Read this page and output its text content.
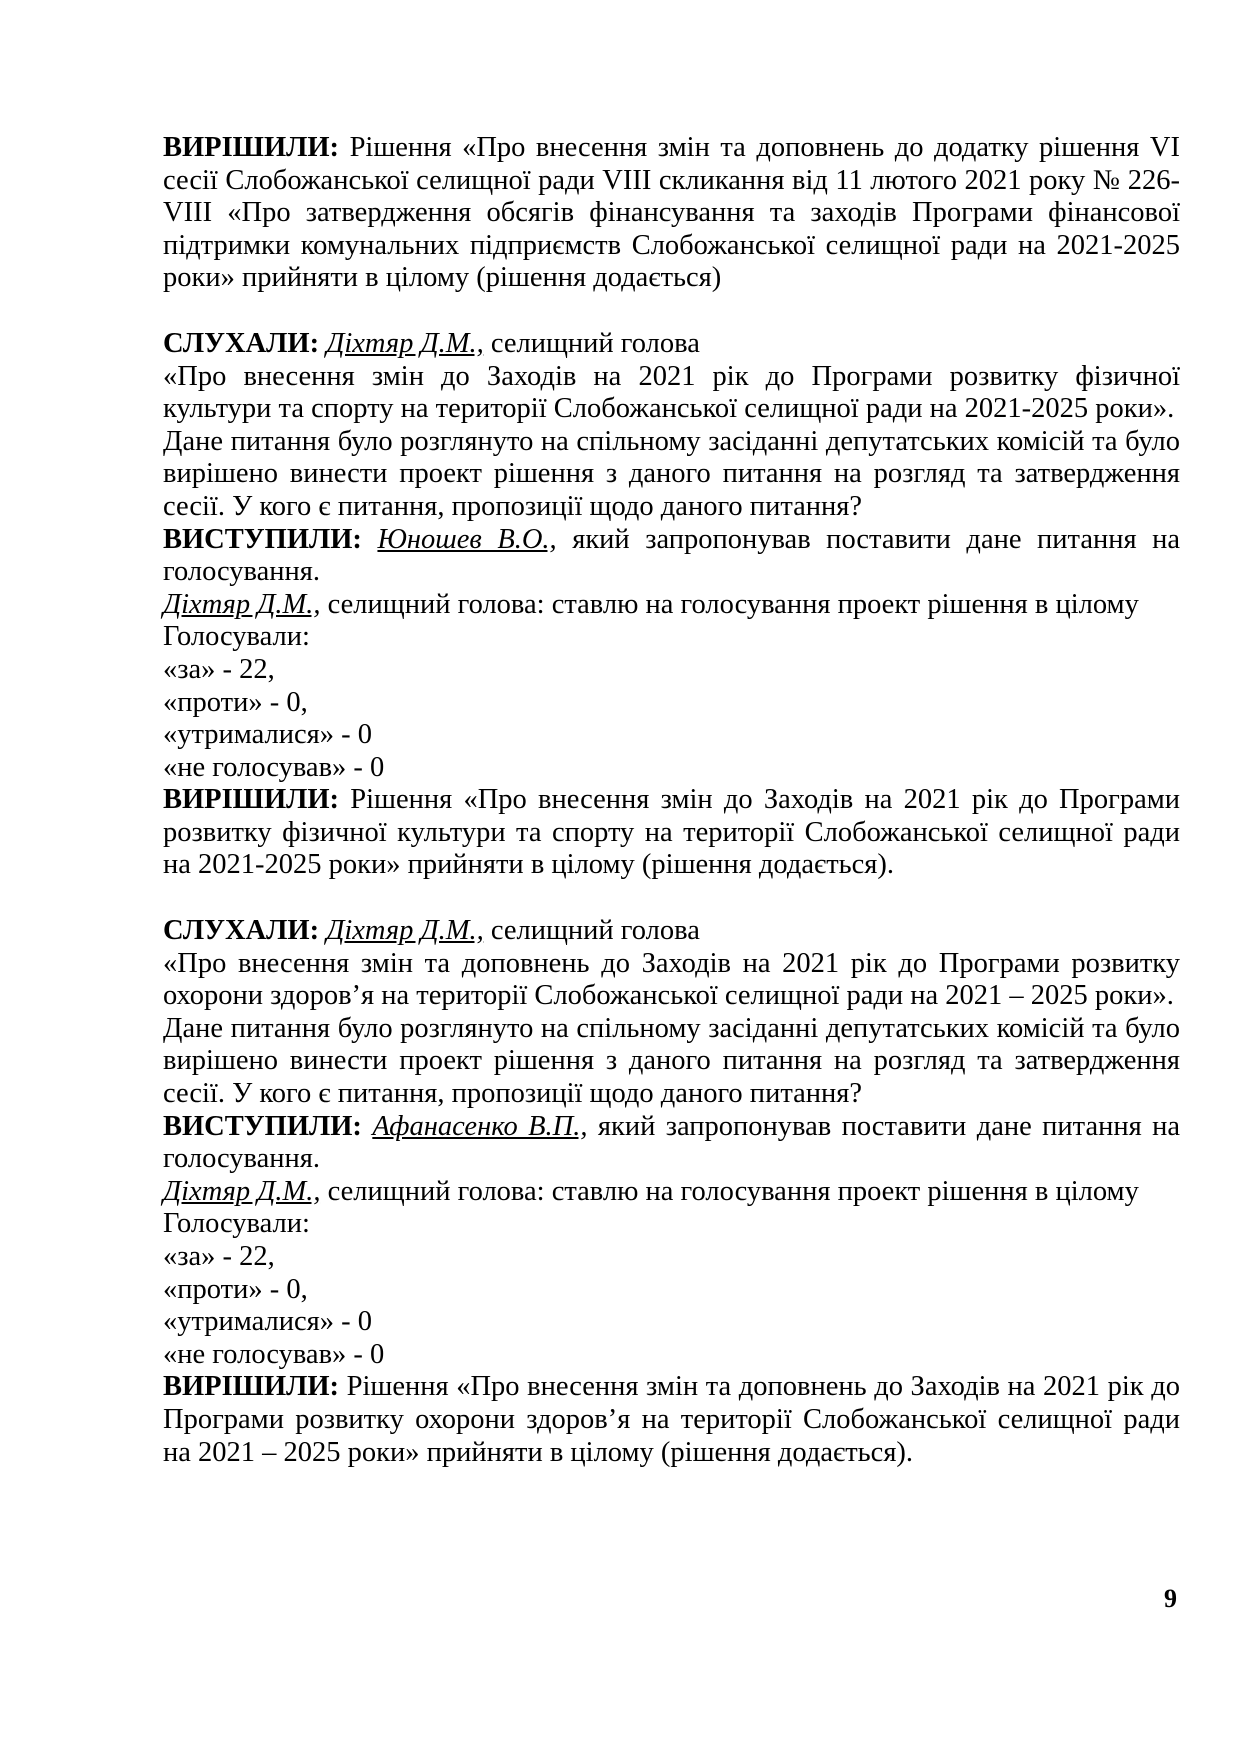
ВИРІШИЛИ: Рішення «Про внесення змін та доповнень до додатку рішення VI сесії Слобожанської селищної ради VIII скликання від 11 лютого 2021 року № 226-VIII «Про затвердження обсягів фінансування та заходів Програми фінансової підтримки комунальних підприємств Слобожанської селищної ради на 2021-2025 роки» прийняти в цілому (рішення додається)

СЛУХАЛИ: Діхтяр Д.М., селищний голова

«Про внесення змін до Заходів на 2021 рік до Програми розвитку фізичної культури та спорту на території Слобожанської селищної ради на 2021-2025 роки».

Дане питання було розглянуто на спільному засіданні депутатських комісій та було вирішено винести проект рішення з даного питання на розгляд та затвердження сесії. У кого є питання, пропозиції щодо даного питання?

ВИСТУПИЛИ: Юношев В.О., який запропонував поставити дане питання на голосування.

Діхтяр Д.М., селищний голова: ставлю на голосування проект рішення в цілому

Голосували:

«за» - 22,

«проти» - 0,

«утрималися» - 0

«не голосував» - 0

ВИРІШИЛИ: Рішення «Про внесення змін до Заходів на 2021 рік до Програми розвитку фізичної культури та спорту на території Слобожанської селищної ради на 2021-2025 роки» прийняти в цілому (рішення додається).

СЛУХАЛИ: Діхтяр Д.М., селищний голова

«Про внесення змін та доповнень до Заходів на 2021 рік до Програми розвитку охорони здоров’я на території Слобожанської селищної ради на 2021 – 2025 роки».

Дане питання було розглянуто на спільному засіданні депутатських комісій та було вирішено винести проект рішення з даного питання на розгляд та затвердження сесії. У кого є питання, пропозиції щодо даного питання?

ВИСТУПИЛИ: Афанасенко В.П., який запропонував поставити дане питання на голосування.

Діхтяр Д.М., селищний голова: ставлю на голосування проект рішення в цілому

Голосували:

«за» - 22,

«проти» - 0,

«утрималися» - 0

«не голосував» - 0

ВИРІШИЛИ: Рішення «Про внесення змін та доповнень до Заходів на 2021 рік до Програми розвитку охорони здоров’я на території Слобожанської селищної ради на 2021 – 2025 роки» прийняти в цілому (рішення додається).

9
